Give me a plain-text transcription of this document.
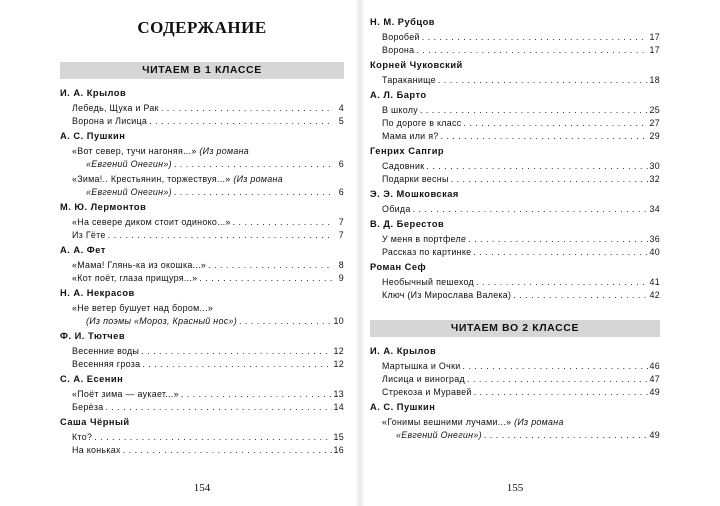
СОДЕРЖАНИЕ
ЧИТАЕМ В 1 КЛАССЕ
И. А. Крылов
Лебедь, Щука и Рак . . .	4
Ворона и Лисица . . .	5
А. С. Пушкин
«Вот север, тучи нагоняя...» (Из романа
«Евгений Онегин») . . .	6
«Зима!.. Крестьянин, торжествуя...» (Из романа
«Евгений Онегин») . . .	6
М. Ю. Лермонтов
«На севере диком стоит одиноко...» . . .	7
Из Гёте . . .	7
А. А. Фет
«Мама! Глянь-ка из окошка...» . . .	8
«Кот поёт, глаза прищуря...» . . .	9
Н. А. Некрасов
«Не ветер бушует над бором...»
(Из поэмы «Мороз, Красный нос») . . .	10
Ф. И. Тютчев
Весенние воды . . .	12
Весенняя гроза . . .	12
С. А. Есенин
«Поёт зима — аукает...» . . .	13
Берёза . . .	14
Саша Чёрный
Кто? . . .	15
На коньках . . .	16
154
Н. М. Рубцов
Воробей . . .	17
Ворона . . .	17
Корней Чуковский
Тараканище . . .	18
А. Л. Барто
В школу . . .	25
По дороге в класс . . .	27
Мама или я? . . .	29
Генрих Сапгир
Садовник . . .	30
Подарки весны . . .	32
Э. Э. Мошковская
Обида . . .	34
В. Д. Берестов
У меня в портфеле . . .	36
Рассказ по картинке . . .	40
Роман Сеф
Необычный пешеход . . .	41
Ключ (Из Мирослава Валека) . . .	42
ЧИТАЕМ ВО 2 КЛАССЕ
И. А. Крылов
Мартышка и Очки . . .	46
Лисица и виноград . . .	47
Стрекоза и Муравей . . .	49
А. С. Пушкин
«Гонимы вешними лучами...» (Из романа
«Евгений Онегин») . . .	49
155
